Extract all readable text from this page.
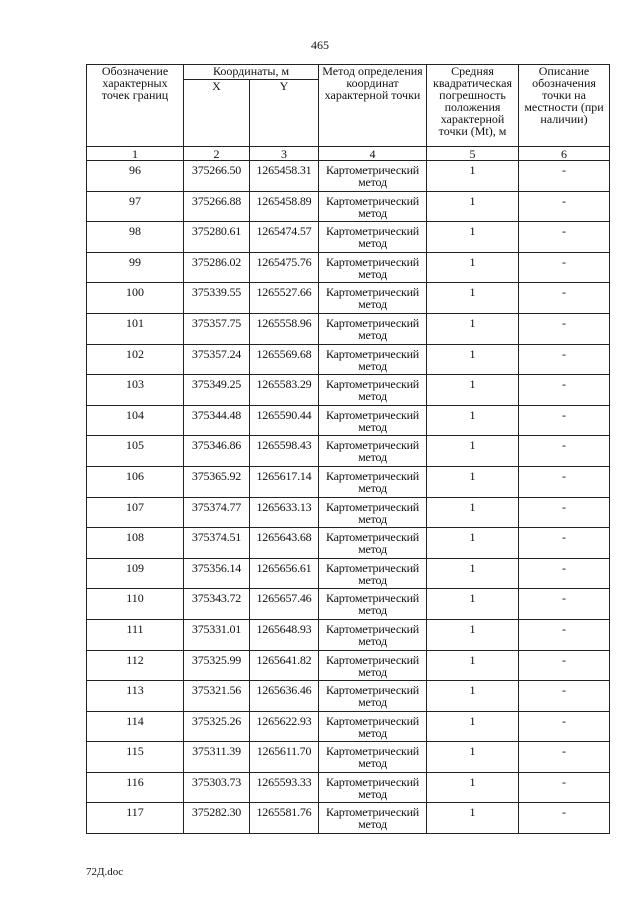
465
Обозначение характерных точек границ	Координаты, м		Метод определения координат характерной точки	Средняя квадратическая погрешность положения характерной точки (Mt), м	Описание обозначения точки на местности (при наличии)
	X	Y			
1	2	3	4	5	6
96	375266.50	1265458.31	Картометрический метод	1	-
97	375266.88	1265458.89	Картометрический метод	1	-
98	375280.61	1265474.57	Картометрический метод	1	-
99	375286.02	1265475.76	Картометрический метод	1	-
100	375339.55	1265527.66	Картометрический метод	1	-
101	375357.75	1265558.96	Картометрический метод	1	-
102	375357.24	1265569.68	Картометрический метод	1	-
103	375349.25	1265583.29	Картометрический метод	1	-
104	375344.48	1265590.44	Картометрический метод	1	-
105	375346.86	1265598.43	Картометрический метод	1	-
106	375365.92	1265617.14	Картометрический метод	1	-
107	375374.77	1265633.13	Картометрический метод	1	-
108	375374.51	1265643.68	Картометрический метод	1	-
109	375356.14	1265656.61	Картометрический метод	1	-
110	375343.72	1265657.46	Картометрический метод	1	-
111	375331.01	1265648.93	Картометрический метод	1	-
112	375325.99	1265641.82	Картометрический метод	1	-
113	375321.56	1265636.46	Картометрический метод	1	-
114	375325.26	1265622.93	Картометрический метод	1	-
115	375311.39	1265611.70	Картометрический метод	1	-
116	375303.73	1265593.33	Картометрический метод	1	-
117	375282.30	1265581.76	Картометрический метод	1	-
72Д.doc
